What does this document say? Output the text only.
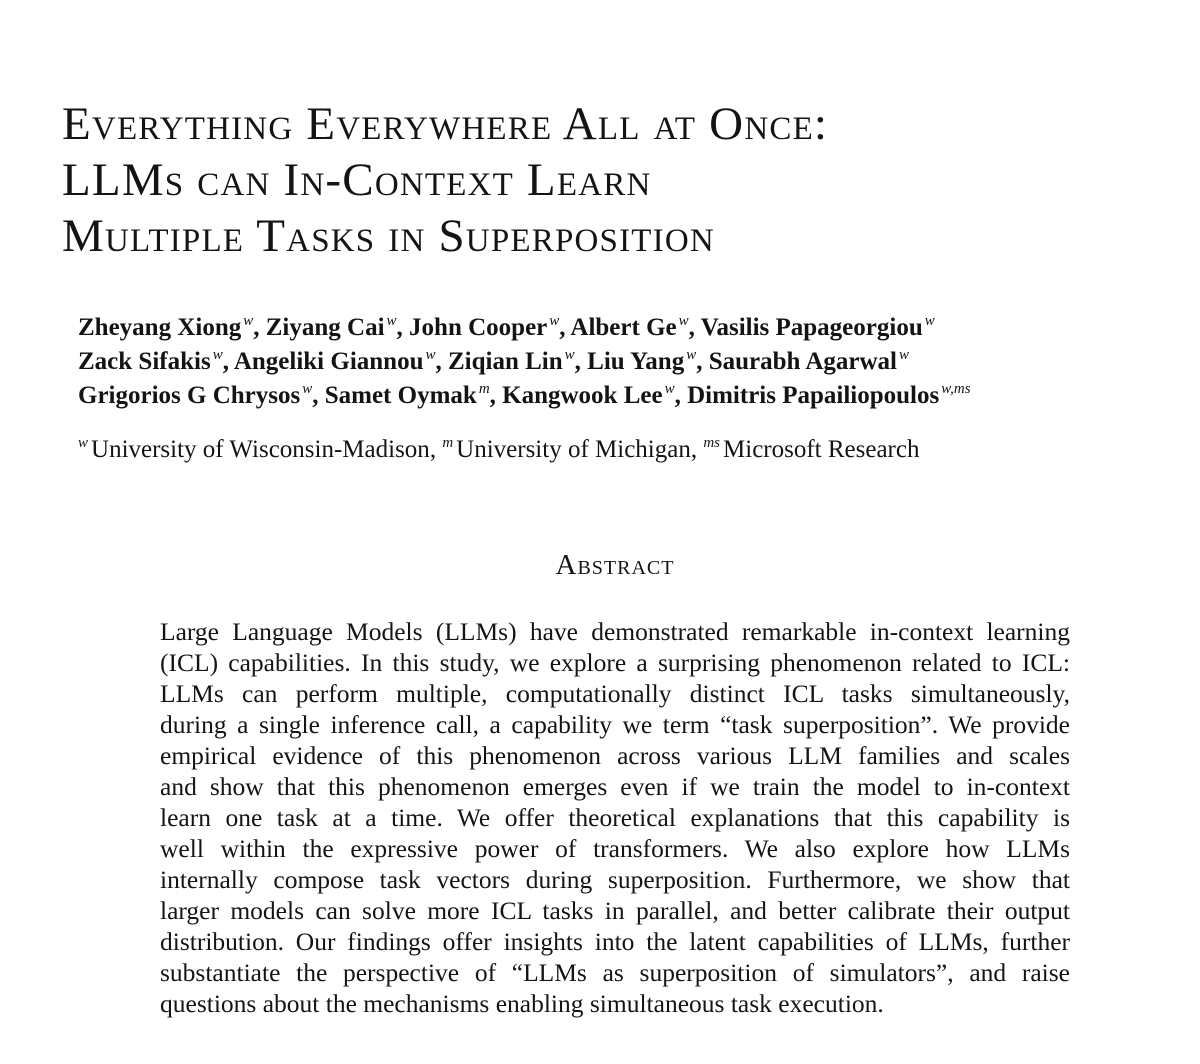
Everything Everywhere All at Once:
LLMs can In-Context Learn
Multiple Tasks in Superposition
Zheyang Xiong $^w$, Ziyang Cai $^w$, John Cooper $^w$, Albert Ge $^w$, Vasilis Papageorgiou $^w$
Zack Sifakis $^w$, Angeliki Giannou $^w$, Ziqian Lin $^w$, Liu Yang $^w$, Saurabh Agarwal $^w$
Grigorios G Chrysos $^w$, Samet Oymak $^m$, Kangwook Lee $^w$, Dimitris Papailiopoulos $^{w,ms}$
$^w$ University of Wisconsin-Madison, $^m$ University of Michigan, $^{ms}$ Microsoft Research
Abstract
Large Language Models (LLMs) have demonstrated remarkable in-context learning
(ICL) capabilities. In this study, we explore a surprising phenomenon related to ICL:
LLMs can perform multiple, computationally distinct ICL tasks simultaneously,
during a single inference call, a capability we term “task superposition”. We provide
empirical evidence of this phenomenon across various LLM families and scales
and show that this phenomenon emerges even if we train the model to in-context
learn one task at a time. We offer theoretical explanations that this capability is
well within the expressive power of transformers. We also explore how LLMs
internally compose task vectors during superposition. Furthermore, we show that
larger models can solve more ICL tasks in parallel, and better calibrate their output
distribution. Our findings offer insights into the latent capabilities of LLMs, further
substantiate the perspective of “LLMs as superposition of simulators”, and raise
questions about the mechanisms enabling simultaneous task execution.
